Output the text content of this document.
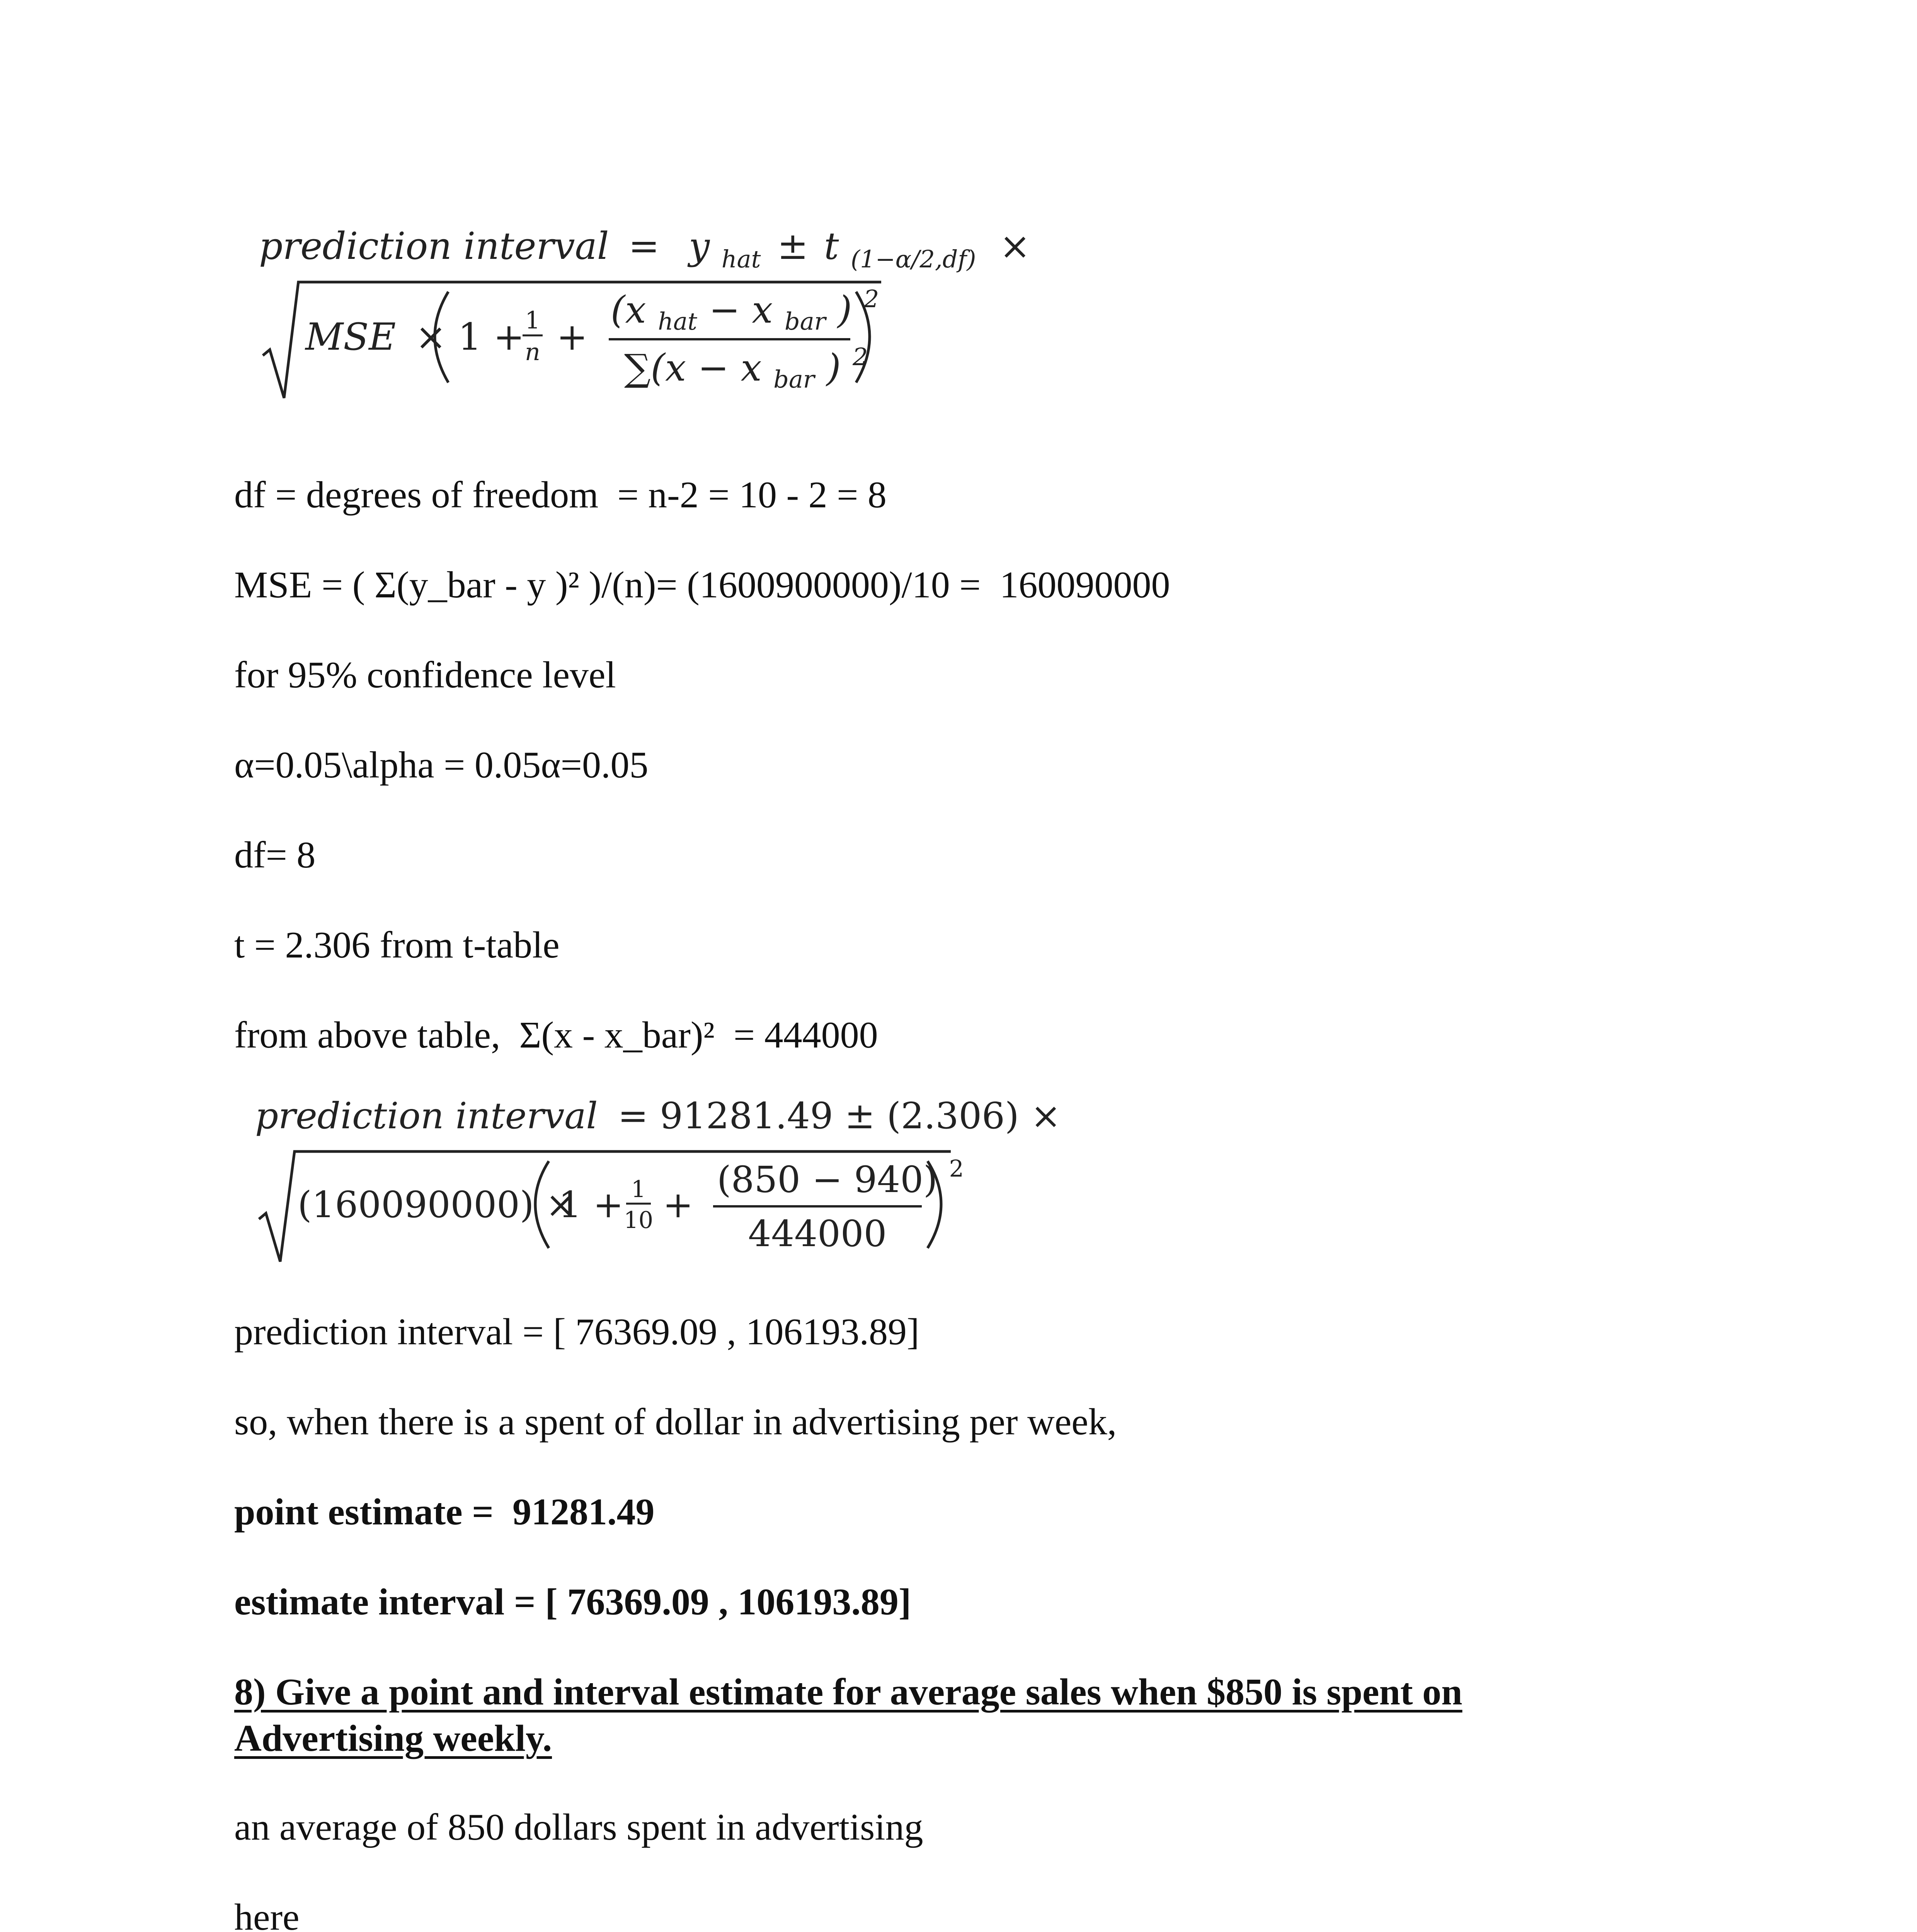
prediction interval = y $_{hat}$ ± t $_{(1-\alpha/2,df)}$ ×
MSE × 1 + 1
n +
(x hat − x bar ) $^2$
∑(x − x bar ) $^2$

df = degrees of freedom  = n-2 = 10 - 2 = 8

MSE = ( Σ(y_bar - y )² )/(n)= (1600900000)/10 =  160090000

for 95% confidence level

α=0.05\alpha = 0.05α=0.05

df= 8

t = 2.306 from t-table

from above table,  Σ(x - x_bar)²  = 444000

prediction interval = 91281.49 ± (2.306) ×
(160090000) ×
1 + 1
10 +
(850 − 940) $^2$
444000

prediction interval = [ 76369.09 , 106193.89]

so, when there is a spent of dollar in advertising per week,

point estimate =  91281.49

estimate interval = [ 76369.09 , 106193.89]

8) Give a point and interval estimate for average sales when $850 is spent on

Advertising weekly.

an average of 850 dollars spent in advertising

here
